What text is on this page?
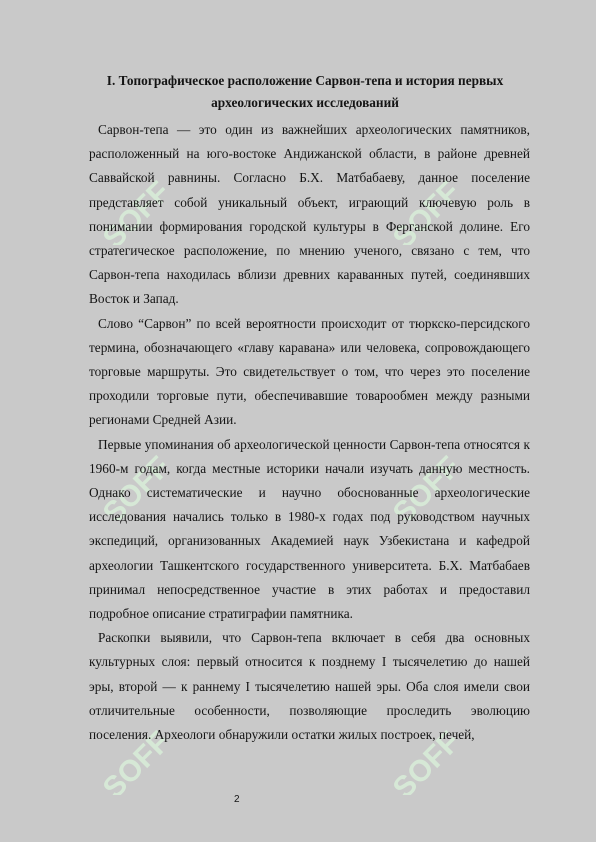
SOFF	SOFF
SOFF	SOFF
SOFF	SOFF
I. Топографическое расположение Сарвон-тепа и история первых археологических исследований

Сарвон-тепа — это один из важнейших археологических памятников, расположенный на юго-востоке Андижанской области, в районе древней Саввайской равнины. Согласно Б.Х. Матбабаеву, данное поселение представляет собой уникальный объект, играющий ключевую роль в понимании формирования городской культуры в Ферганской долине. Его стратегическое расположение, по мнению ученого, связано с тем, что Сарвон-тепа находилась вблизи древних караванных путей, соединявших Восток и Запад.

Слово “Сарвон” по всей вероятности происходит от тюркско-персидского термина, обозначающего «главу каравана» или человека, сопровождающего торговые маршруты. Это свидетельствует о том, что через это поселение проходили торговые пути, обеспечивавшие товарообмен между разными регионами Средней Азии.

Первые упоминания об археологической ценности Сарвон-тепа относятся к 1960-м годам, когда местные историки начали изучать данную местность. Однако систематические и научно обоснованные археологические исследования начались только в 1980-х годах под руководством научных экспедиций, организованных Академией наук Узбекистана и кафедрой археологии Ташкентского государственного университета. Б.Х. Матбабаев принимал непосредственное участие в этих работах и предоставил подробное описание стратиграфии памятника.

Раскопки выявили, что Сарвон-тепа включает в себя два основных культурных слоя: первый относится к позднему I тысячелетию до нашей эры, второй — к раннему I тысячелетию нашей эры. Оба слоя имели свои отличительные особенности, позволяющие проследить эволюцию поселения. Археологи обнаружили остатки жилых построек, печей,

2
